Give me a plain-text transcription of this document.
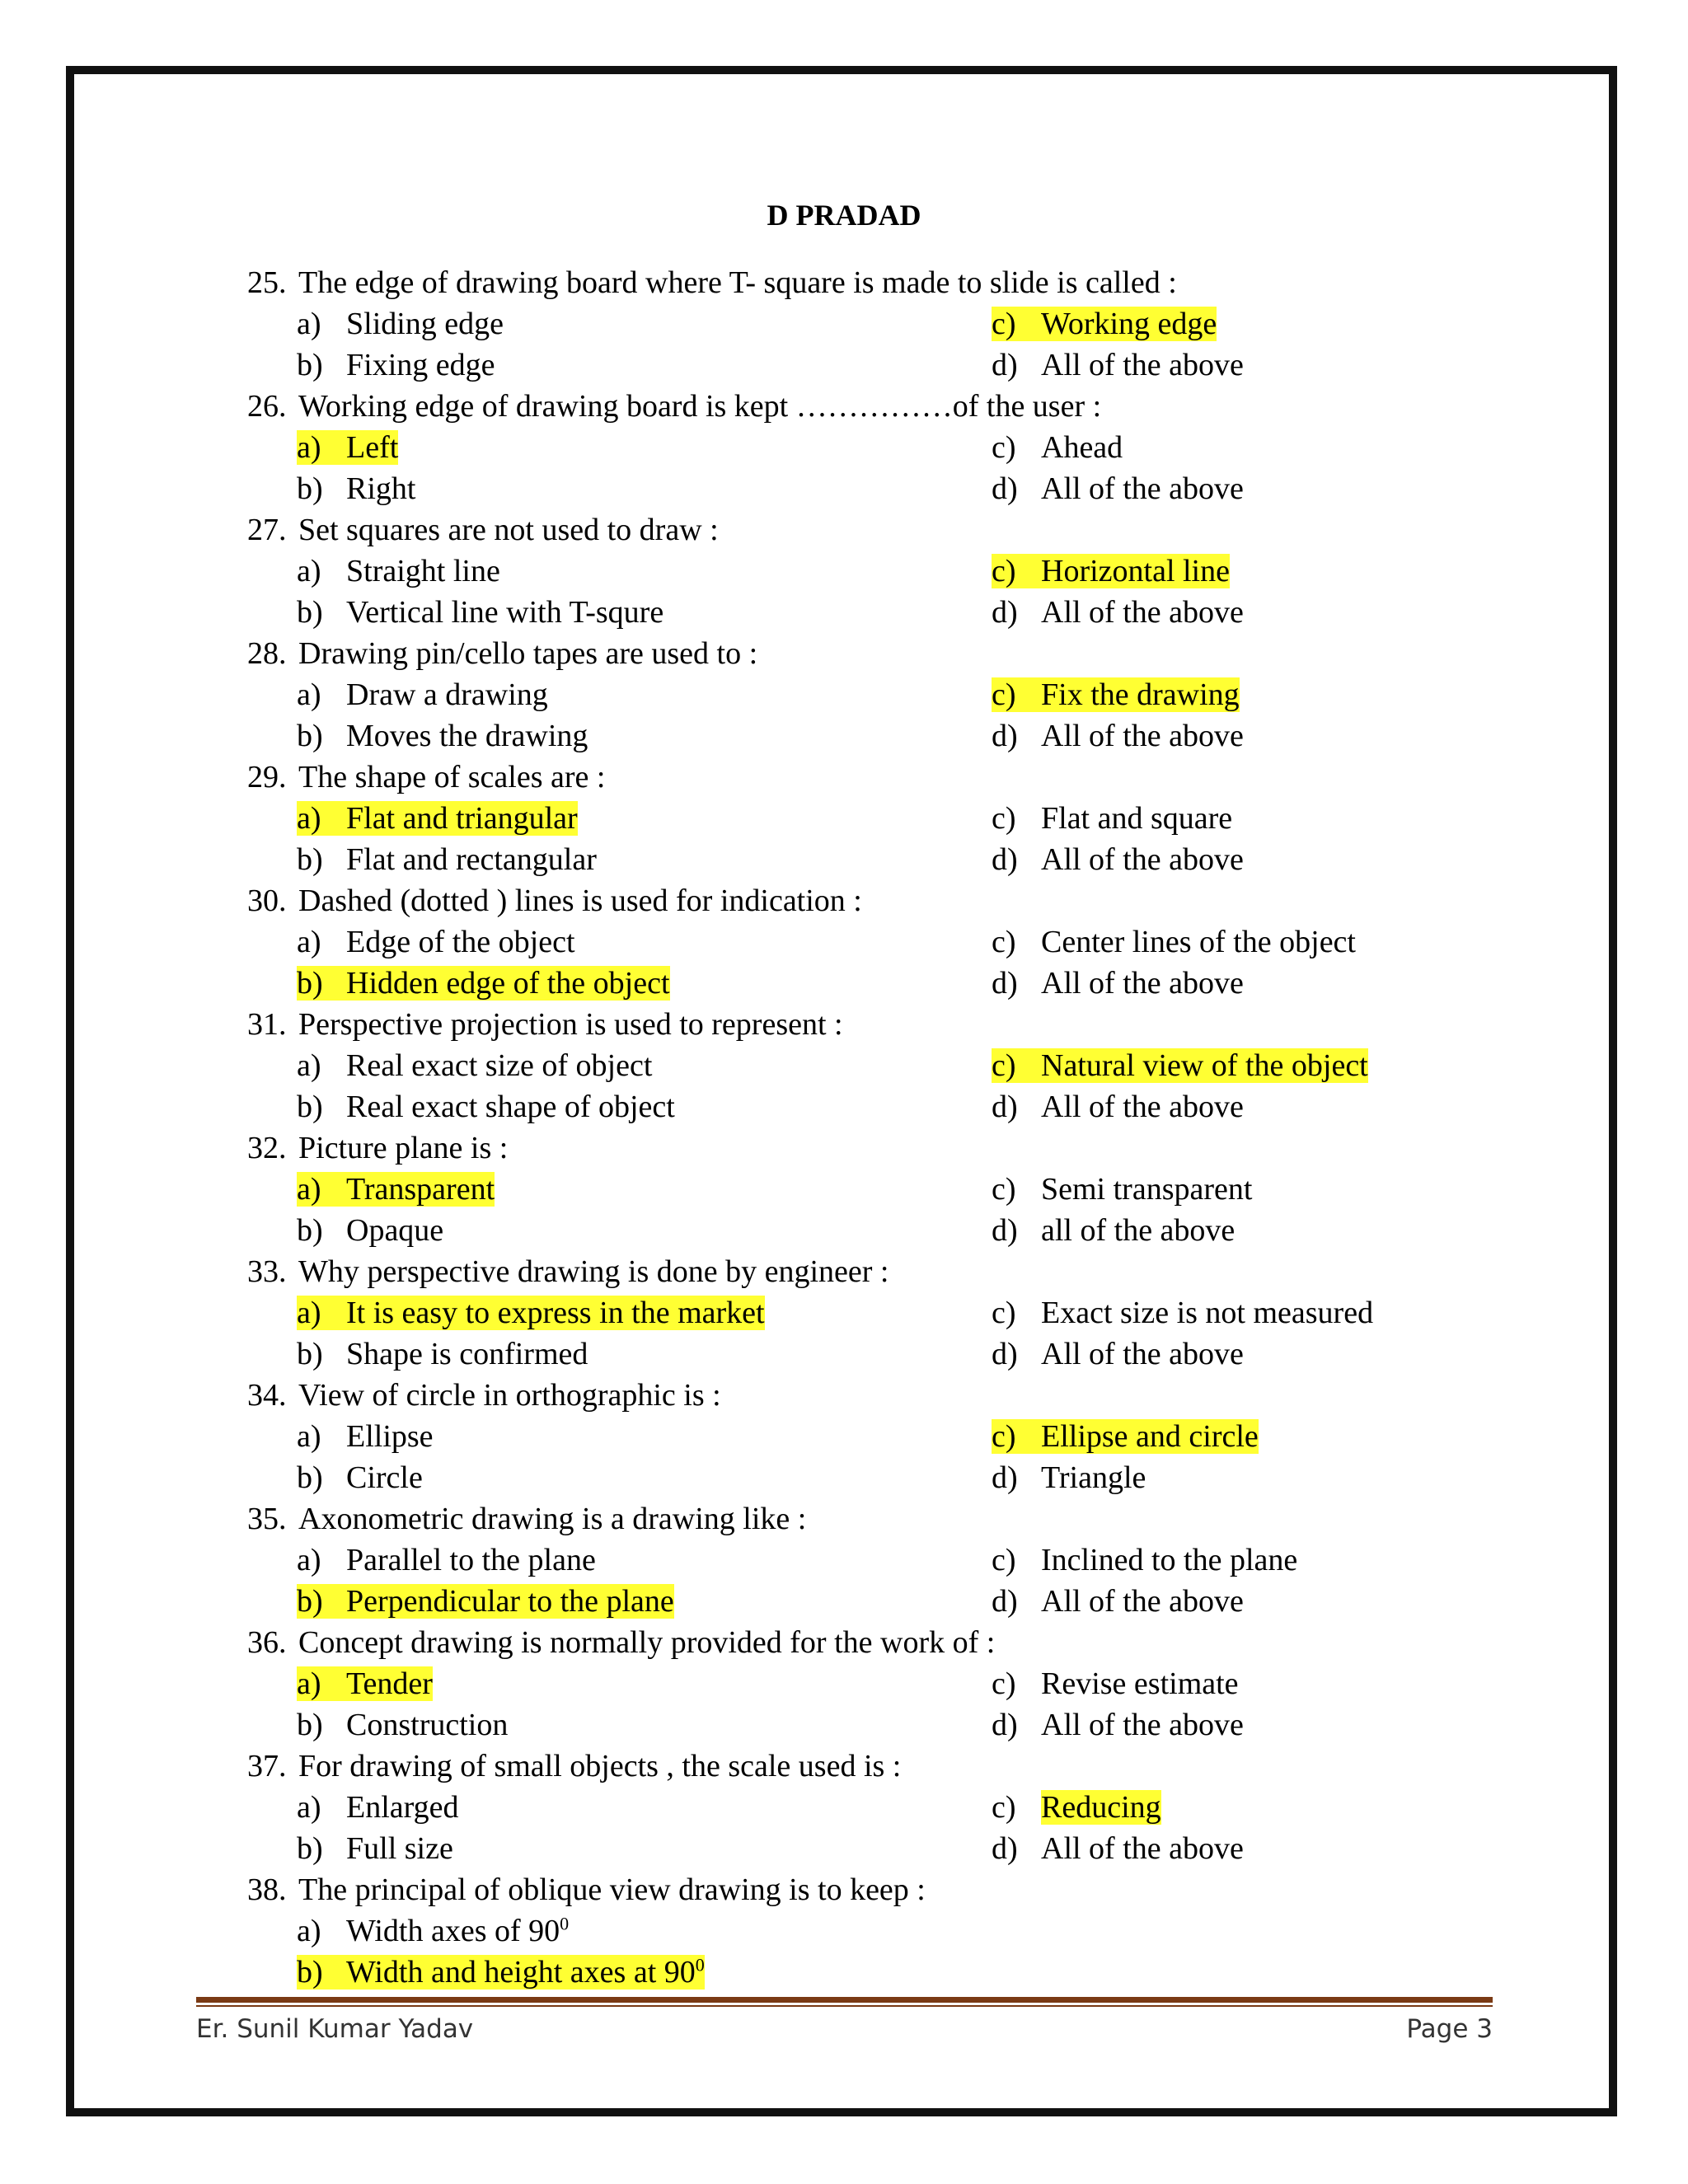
D PRADAD
25. The edge of drawing board where T- square is made to slide is called :
a) Sliding edge	c) Working edge
b) Fixing edge	d) All of the above
26. Working edge of drawing board is kept ……………of the user :
a) Left	c) Ahead
b) Right	d) All of the above
27. Set squares are not used to draw :
a) Straight line	c) Horizontal line
b) Vertical line with T-squre	d) All of the above
28. Drawing pin/cello tapes are used to :
a) Draw a drawing	c) Fix the drawing
b) Moves the drawing	d) All of the above
29. The shape of scales are :
a) Flat and triangular	c) Flat and square
b) Flat and rectangular	d) All of the above
30. Dashed (dotted ) lines is used for indication :
a) Edge of the object	c) Center lines of the object
b) Hidden edge of the object	d) All of the above
31. Perspective projection is used to represent :
a) Real exact size of object	c) Natural view of the object
b) Real exact shape of object	d) All of the above
32. Picture plane is :
a) Transparent	c) Semi transparent
b) Opaque	d) all of the above
33. Why perspective drawing is done by engineer :
a) It is easy to express in the market	c) Exact size is not measured
b) Shape is confirmed	d) All of the above
34. View of circle in orthographic is :
a) Ellipse	c) Ellipse and circle
b) Circle	d) Triangle
35. Axonometric drawing is a drawing like :
a) Parallel to the plane	c) Inclined to the plane
b) Perpendicular to the plane	d) All of the above
36. Concept drawing is normally provided for the work of :
a) Tender	c) Revise estimate
b) Construction	d) All of the above
37. For drawing of small objects , the scale used is :
a) Enlarged	c) Reducing
b) Full size	d) All of the above
38. The principal of oblique view drawing is to keep :
a) Width axes of $90^0$
b) Width and height axes at $90^0$
Er. Sunil Kumar Yadav	Page 3
